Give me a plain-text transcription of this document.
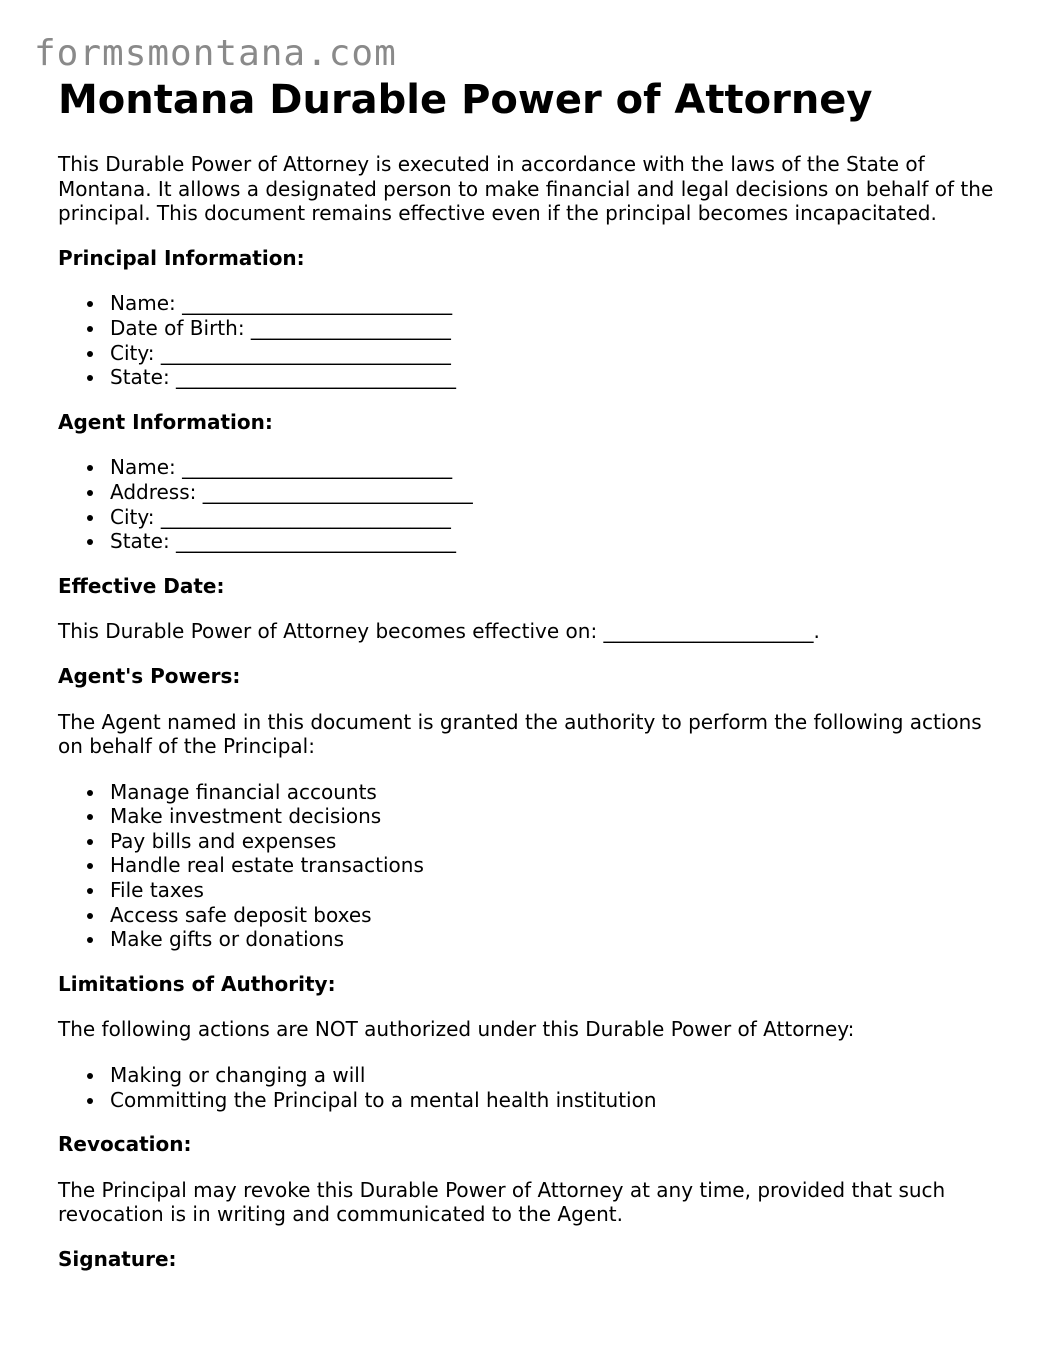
formsmontana.com
Montana Durable Power of Attorney

This Durable Power of Attorney is executed in accordance with the laws of the State of Montana. It allows a designated person to make financial and legal decisions on behalf of the principal. This document remains effective even if the principal becomes incapacitated.

Principal Information:
Name: ___________________________
Date of Birth: ____________________
City: _____________________________
State: ____________________________
Agent Information:
Name: ___________________________
Address: ___________________________
City: _____________________________
State: ____________________________
Effective Date:

This Durable Power of Attorney becomes effective on: _____________________.

Agent's Powers:

The Agent named in this document is granted the authority to perform the following actions on behalf of the Principal:

Manage financial accounts
Make investment decisions
Pay bills and expenses
Handle real estate transactions
File taxes
Access safe deposit boxes
Make gifts or donations
Limitations of Authority:

The following actions are NOT authorized under this Durable Power of Attorney:

Making or changing a will
Committing the Principal to a mental health institution
Revocation:

The Principal may revoke this Durable Power of Attorney at any time, provided that such revocation is in writing and communicated to the Agent.

Signature:
